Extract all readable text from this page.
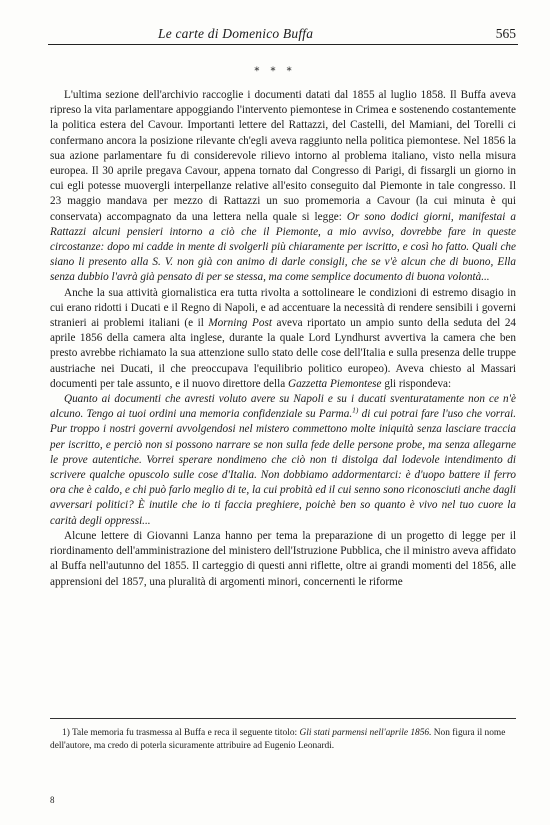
Le carte di Domenico Buffa	565
* * *

L'ultima sezione dell'archivio raccoglie i documenti datati dal 1855 al luglio 1858. Il Buffa aveva ripreso la vita parlamentare appoggiando l'intervento piemontese in Crimea e sostenendo costantemente la politica estera del Cavour. Importanti lettere del Rattazzi, del Castelli, del Mamiani, del Torelli ci confermano ancora la posizione rilevante ch'egli aveva raggiunto nella politica piemontese. Nel 1856 la sua azione parlamentare fu di considerevole rilievo intorno al problema italiano, visto nella misura europea. Il 30 aprile pregava Cavour, appena tornato dal Congresso di Parigi, di fissargli un giorno in cui egli potesse muovergli interpellanze relative all'esito conseguito dal Piemonte in tale congresso. Il 23 maggio mandava per mezzo di Rattazzi un suo promemoria a Cavour (la cui minuta è qui conservata) accompagnato da una lettera nella quale si legge: Or sono dodici giorni, manifestai a Rattazzi alcuni pensieri intorno a ciò che il Piemonte, a mio avviso, dovrebbe fare in queste circostanze: dopo mi cadde in mente di svolgerli più chiaramente per iscritto, e così ho fatto. Quali che siano li presento alla S. V. non già con animo di darle consigli, che se v'è alcun che di buono, Ella senza dubbio l'avrà già pensato di per se stessa, ma come semplice documento di buona volontà...

Anche la sua attività giornalistica era tutta rivolta a sottolineare le condizioni di estremo disagio in cui erano ridotti i Ducati e il Regno di Napoli, e ad accentuare la necessità di rendere sensibili i governi stranieri ai problemi italiani (e il Morning Post aveva riportato un ampio sunto della seduta del 24 aprile 1856 della camera alta inglese, durante la quale Lord Lyndhurst avvertiva la camera che ben presto avrebbe richiamato la sua attenzione sullo stato delle cose dell'Italia e sulla presenza delle truppe austriache nei Ducati, il che preoccupava l'equilibrio politico europeo). Aveva chiesto al Massari documenti per tale assunto, e il nuovo direttore della Gazzetta Piemontese gli rispondeva:

Quanto ai documenti che avresti voluto avere su Napoli e su i ducati sventuratamente non ce n'è alcuno. Tengo ai tuoi ordini una memoria confidenziale su Parma.$^{1)}$ di cui potrai fare l'uso che vorrai. Pur troppo i nostri governi avvolgendosi nel mistero commettono molte iniquità senza lasciare traccia per iscritto, e perciò non si possono narrare se non sulla fede delle persone probe, ma senza allegarne le prove autentiche. Vorrei sperare nondimeno che ciò non ti distolga dal lodevole intendimento di scrivere qualche opuscolo sulle cose d'Italia. Non dobbiamo addormentarci: è d'uopo battere il ferro ora che è caldo, e chi può farlo meglio di te, la cui probità ed il cui senno sono riconosciuti anche dagli avversari politici? È inutile che io ti faccia preghiere, poichè ben so quanto è vivo nel tuo cuore la carità degli oppressi...

Alcune lettere di Giovanni Lanza hanno per tema la preparazione di un progetto di legge per il riordinamento dell'amministrazione del ministero dell'Istruzione Pubblica, che il ministro aveva affidato al Buffa nell'autunno del 1855. Il carteggio di questi anni riflette, oltre ai grandi momenti del 1856, alle apprensioni del 1857, una pluralità di argomenti minori, concernenti le riforme

1) Tale memoria fu trasmessa al Buffa e reca il seguente titolo: Gli stati parmensi nell'aprile 1856. Non figura il nome dell'autore, ma credo di poterla sicuramente attribuire ad Eugenio Leonardi.

8
